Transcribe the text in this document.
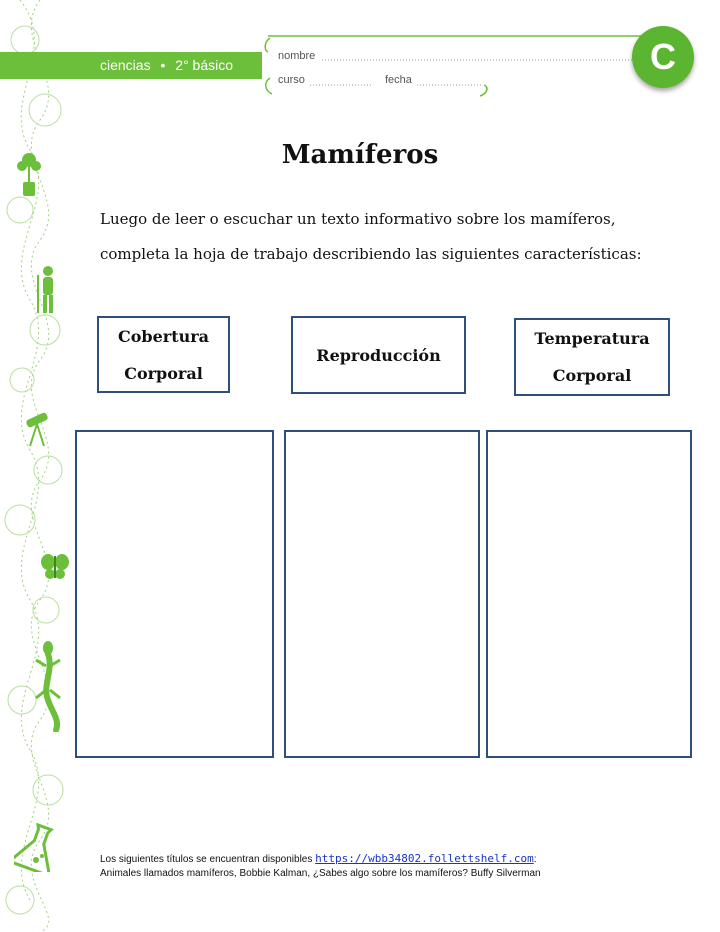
ciencias • 2° básico
nombre
curso	fecha
C
Mamíferos
Luego de leer o escuchar un texto informativo sobre los mamíferos,
completa la hoja de trabajo describiendo las siguientes características:
Cobertura
Corporal
Reproducción
Temperatura
Corporal
Los siguientes títulos se encuentran disponibles https://wbb34802.follettshelf.com:
Animales llamados mamíferos, Bobbie Kalman, ¿Sabes algo sobre los mamíferos? Buffy Silverman
